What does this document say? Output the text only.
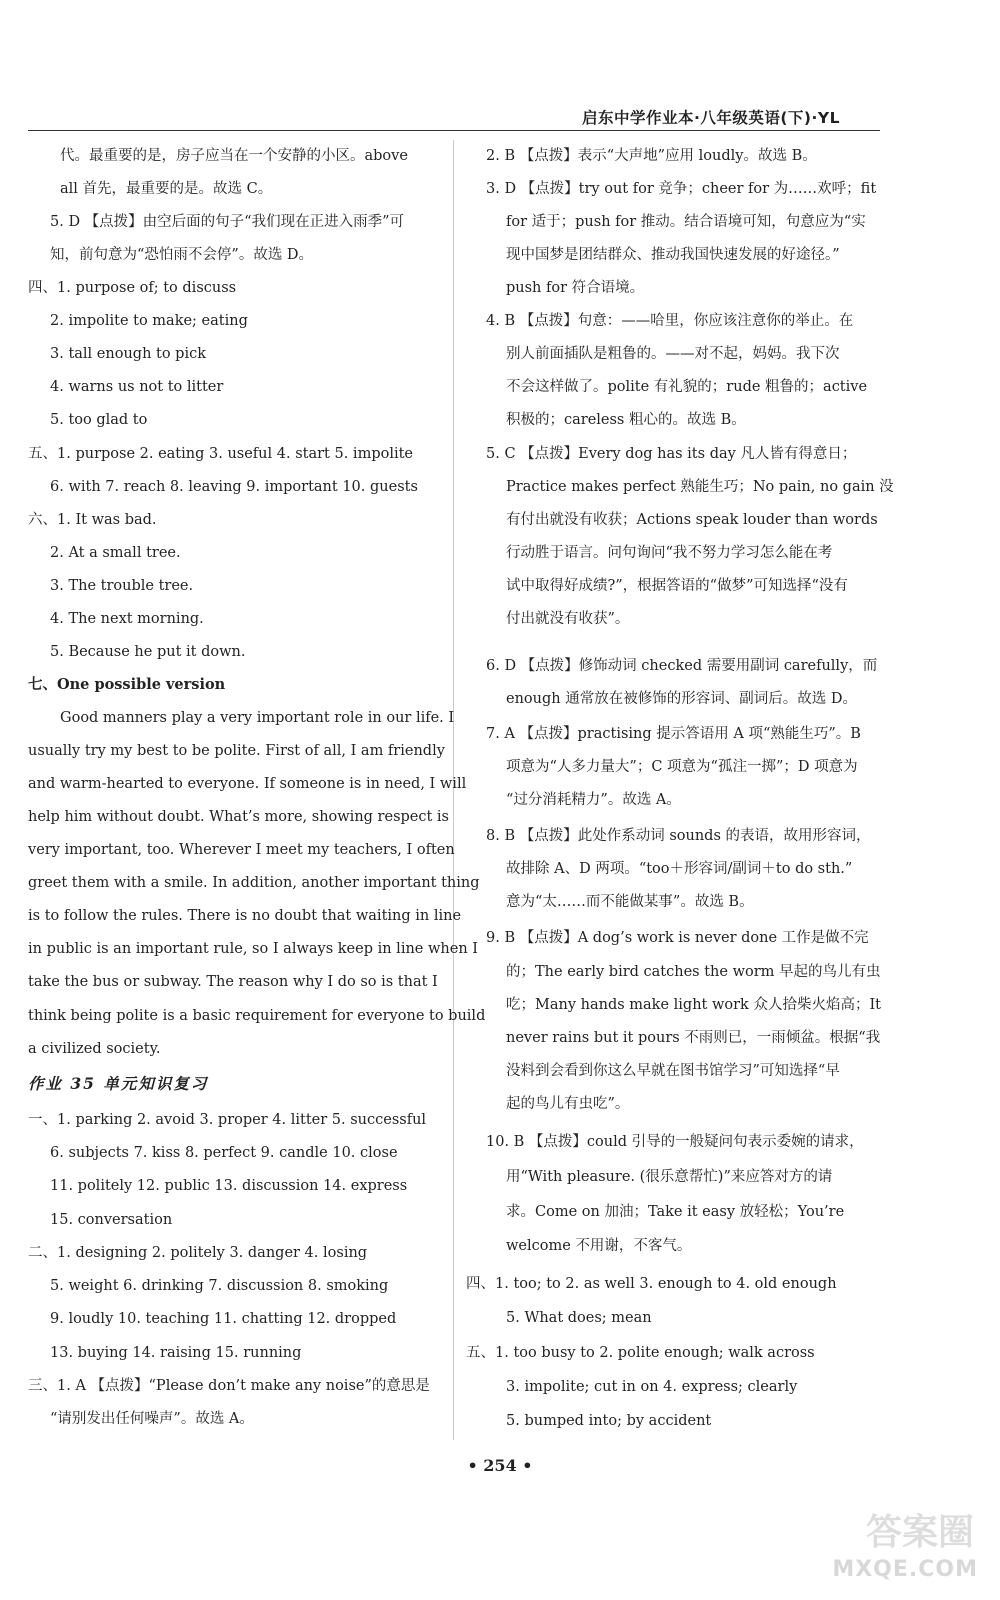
启东中学作业本·八年级英语(下)·YL
代。最重要的是，房子应当在一个安静的小区。above
all 首先，最重要的是。故选 C。
5. D 【点拨】由空后面的句子“我们现在正进入雨季”可
知，前句意为“恐怕雨不会停”。故选 D。
四、1. purpose of; to discuss
2. impolite to make; eating
3. tall enough to pick
4. warns us not to litter
5. too glad to
五、1. purpose 2. eating 3. useful 4. start 5. impolite
6. with 7. reach 8. leaving 9. important 10. guests
六、1. It was bad.
2. At a small tree.
3. The trouble tree.
4. The next morning.
5. Because he put it down.
七、One possible version
Good manners play a very important role in our life. I
usually try my best to be polite. First of all, I am friendly
and warm-hearted to everyone. If someone is in need, I will
help him without doubt. What’s more, showing respect is
very important, too. Wherever I meet my teachers, I often
greet them with a smile. In addition, another important thing
is to follow the rules. There is no doubt that waiting in line
in public is an important rule, so I always keep in line when I
take the bus or subway. The reason why I do so is that I
think being polite is a basic requirement for everyone to build
a civilized society.
作业 35 单元知识复习
一、1. parking 2. avoid 3. proper 4. litter 5. successful
6. subjects 7. kiss 8. perfect 9. candle 10. close
11. politely 12. public 13. discussion 14. express
15. conversation
二、1. designing 2. politely 3. danger 4. losing
5. weight 6. drinking 7. discussion 8. smoking
9. loudly 10. teaching 11. chatting 12. dropped
13. buying 14. raising 15. running
三、1. A 【点拨】“Please don’t make any noise”的意思是
“请别发出任何噪声”。故选 A。
2. B 【点拨】表示“大声地”应用 loudly。故选 B。
3. D 【点拨】try out for 竞争；cheer for 为……欢呼；fit
for 适于；push for 推动。结合语境可知，句意应为“实
现中国梦是团结群众、推动我国快速发展的好途径。”
push for 符合语境。
4. B 【点拨】句意：——哈里，你应该注意你的举止。在
别人前面插队是粗鲁的。——对不起，妈妈。我下次
不会这样做了。polite 有礼貌的；rude 粗鲁的；active
积极的；careless 粗心的。故选 B。
5. C 【点拨】Every dog has its day 凡人皆有得意日；
Practice makes perfect 熟能生巧；No pain, no gain 没
有付出就没有收获；Actions speak louder than words
行动胜于语言。问句询问“我不努力学习怎么能在考
试中取得好成绩?”，根据答语的“做梦”可知选择“没有
付出就没有收获”。
6. D 【点拨】修饰动词 checked 需要用副词 carefully，而
enough 通常放在被修饰的形容词、副词后。故选 D。
7. A 【点拨】practising 提示答语用 A 项“熟能生巧”。B
项意为“人多力量大”；C 项意为“孤注一掷”；D 项意为
“过分消耗精力”。故选 A。
8. B 【点拨】此处作系动词 sounds 的表语，故用形容词，
故排除 A、D 两项。“too＋形容词/副词＋to do sth.”
意为“太……而不能做某事”。故选 B。
9. B 【点拨】A dog’s work is never done 工作是做不完
的；The early bird catches the worm 早起的鸟儿有虫
吃；Many hands make light work 众人拾柴火焰高；It
never rains but it pours 不雨则已，一雨倾盆。根据“我
没料到会看到你这么早就在图书馆学习”可知选择“早
起的鸟儿有虫吃”。
10. B 【点拨】could 引导的一般疑问句表示委婉的请求，
用“With pleasure. (很乐意帮忙)”来应答对方的请
求。Come on 加油；Take it easy 放轻松；You’re
welcome 不用谢，不客气。
四、1. too; to 2. as well 3. enough to 4. old enough
5. What does; mean
五、1. too busy to 2. polite enough; walk across
3. impolite; cut in on 4. express; clearly
5. bumped into; by accident
• 254 •
答案圈
MXQE.COM
